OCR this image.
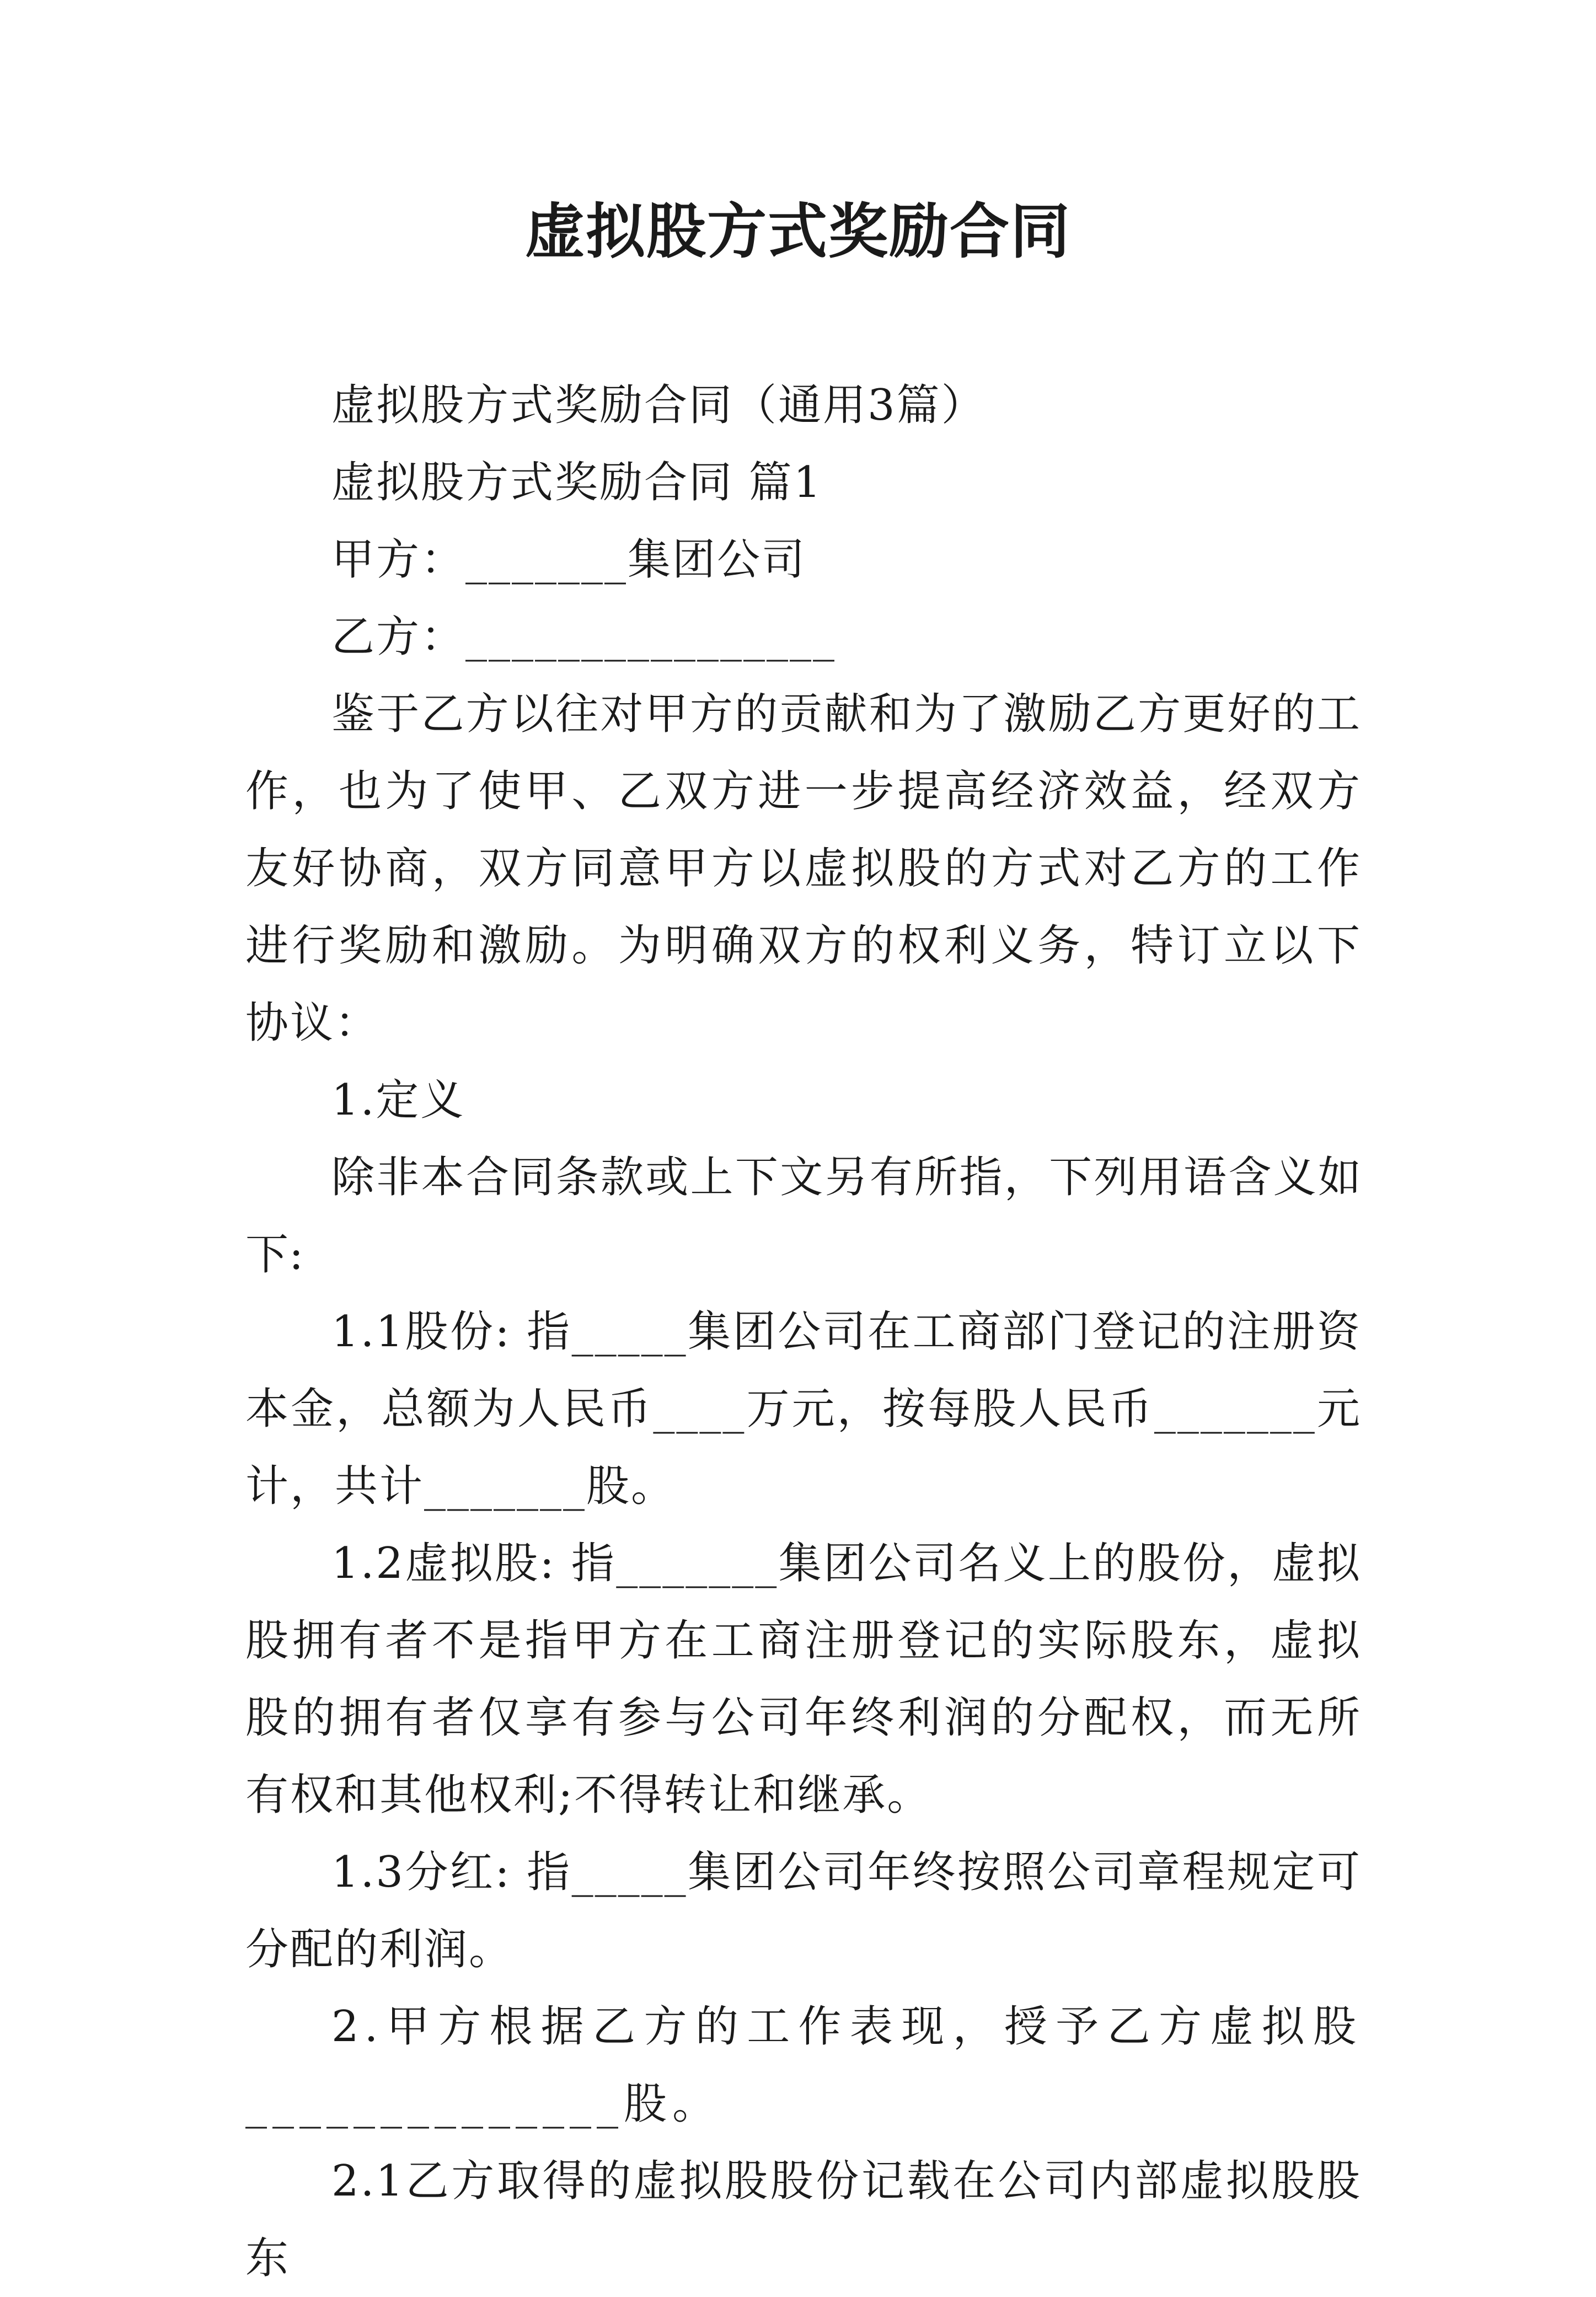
虚拟股方式奖励合同

虚拟股方式奖励合同（通用3篇）

虚拟股方式奖励合同 篇1

甲方：_______集团公司

乙方：________________

鉴于乙方以往对甲方的贡献和为了激励乙方更好的工作，也为了使甲、乙双方进一步提高经济效益，经双方友好协商，双方同意甲方以虚拟股的方式对乙方的工作进行奖励和激励。为明确双方的权利义务，特订立以下协议：

1.定义

除非本合同条款或上下文另有所指，下列用语含义如下:

1.1股份: 指_____集团公司在工商部门登记的注册资本金，总额为人民币____万元，按每股人民币_______元计，共计_______股。

1.2虚拟股: 指_______集团公司名义上的股份，虚拟股拥有者不是指甲方在工商注册登记的实际股东，虚拟股的拥有者仅享有参与公司年终利润的分配权，而无所有权和其他权利;不得转让和继承。

1.3分红: 指_____集团公司年终按照公司章程规定可分配的利润。

2.甲方根据乙方的工作表现，授予乙方虚拟股______________股。

2.1乙方取得的虚拟股股份记载在公司内部虚拟股股东
